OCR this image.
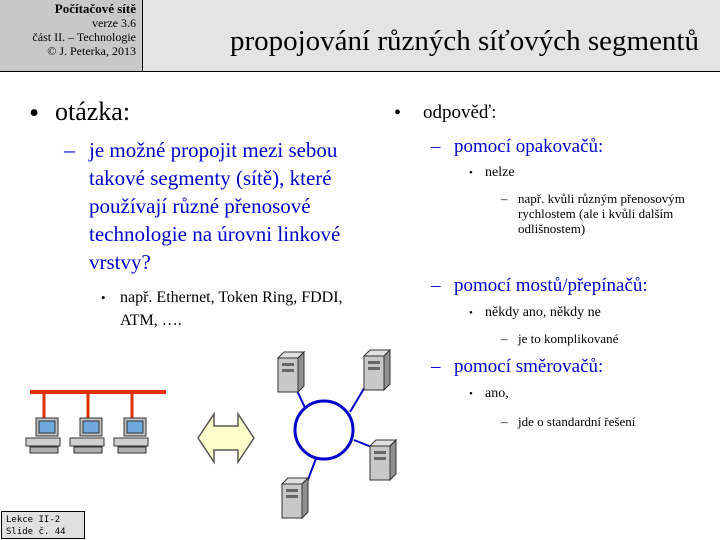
Počítačové sítě
verze 3.6
část II. – Technologie
© J. Peterka, 2013	propojování různých síťových segmentů
• otázka:
– je možné propojit mezi sebou takové segmenty (sítě), které používají různé přenosové technologie na úrovni linkové vrstvy?
• např. Ethernet, Token Ring, FDDI, ATM, ….
• odpověď:
– pomocí opakovačů:
• nelze
– např. kvůli různým přenosovým rychlostem (ale i kvůli dalším odlišnostem)
– pomocí mostů/přepínačů:
• někdy ano, někdy ne
– je to komplikované
– pomocí směrovačů:
• ano,
– jde o standardní řešení
Lekce II-2
Slide č. 44
